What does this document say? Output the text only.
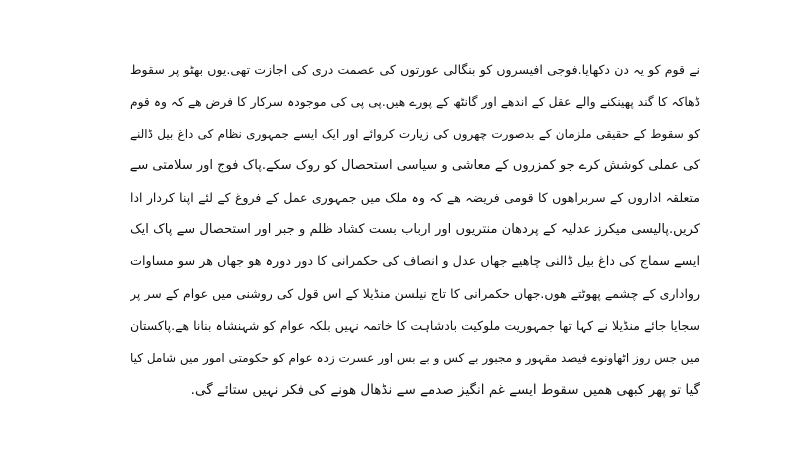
نے قوم کو یہ دن دکھایا.فوجی افیسروں کو بنگالی عورتوں کی عصمت دری کی اجازت تھی.یوں بھٹو پر سقوط
ڈھاکہ کا گند پھینکنے والے عقل کے اندھے اور گانٹھ کے پورے ھیں.پی پی کی موجودہ سرکار کا فرض ھے کہ وہ قوم
کو سقوط کے حقیقی ملزمان کے بدصورت چھروں کی زیارت کروائے اور ایک ایسے جمہوری نظام کی داغ بیل ڈالنے
کی عملی کوشش کرے جو کمزروں کے معاشی و سیاسی استحصال کو روک سکے.پاک فوج اور سلامتی سے
متعلقہ اداروں کے سربراھوں کا قومی فریضہ ھے کہ وہ ملک میں جمہوری عمل کے فروغ کے لئے اپنا کردار ادا
کریں.پالیسی میکرز عدلیہ کے پردھان منتریوں اور ارباب بست کشاد ظلم و جبر اور استحصال سے پاک ایک
ایسے سماج کی داغ بیل ڈالنی چاھیے جھاں عدل و انصاف کی حکمرانی کا دور دورہ ھو جھاں ھر سو مساوات
رواداری کے چشمے پھوٹتے ھوں.جھاں حکمرانی کا تاج نیلسن منڈیلا کے اس قول کی روشنی میں عوام کے سر پر
سجایا جائے منڈیلا نے کہا تھا جمہوریت ملوکیت بادشاہت کا خاتمہ نہیں بلکہ عوام کو شہنشاہ بنانا ھے.پاکستان
میں جس روز اٹھاونوے فیصد مقہور و مجبور بے کس و بے بس اور عسرت زدہ عوام کو حکومتی امور میں شامل کیا
گیا تو پھر کبھی ھمیں سقوط ایسے غم انگیز صدمے سے نڈھال ھونے کی فکر نہیں ستائے گی.
